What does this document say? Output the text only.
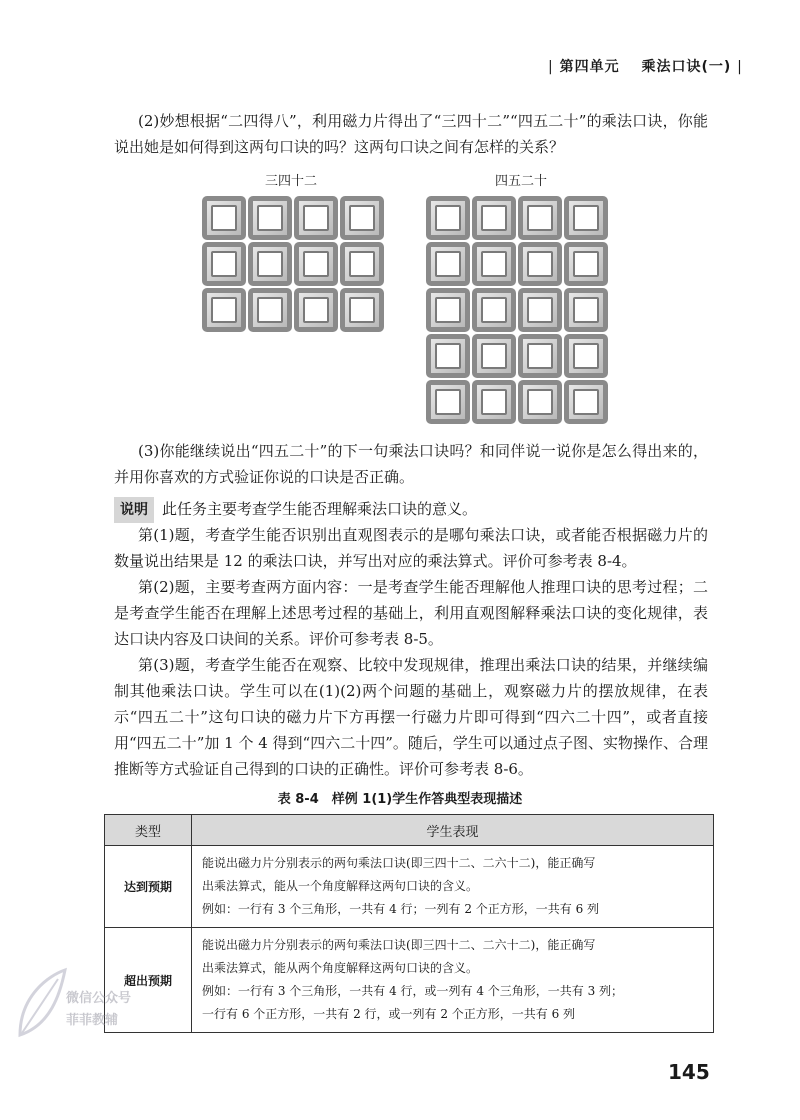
| 第四单元 乘法口诀(一) |
(2)妙想根据“二四得八”，利用磁力片得出了“三四十二”“四五二十”的乘法口诀，你能说出她是如何得到这两句口诀的吗？这两句口诀之间有怎样的关系？
三四十二	四五二十
(3)你能继续说出“四五二十”的下一句乘法口诀吗？和同伴说一说你是怎么得出来的，并用你喜欢的方式验证你说的口诀是否正确。
说明 此任务主要考查学生能否理解乘法口诀的意义。
第(1)题，考查学生能否识别出直观图表示的是哪句乘法口诀，或者能否根据磁力片的数量说出结果是 12 的乘法口诀，并写出对应的乘法算式。评价可参考表 8-4。
第(2)题，主要考查两方面内容：一是考查学生能否理解他人推理口诀的思考过程；二是考查学生能否在理解上述思考过程的基础上，利用直观图解释乘法口诀的变化规律，表达口诀内容及口诀间的关系。评价可参考表 8-5。
第(3)题，考查学生能否在观察、比较中发现规律，推理出乘法口诀的结果，并继续编制其他乘法口诀。学生可以在(1)(2)两个问题的基础上，观察磁力片的摆放规律，在表示“四五二十”这句口诀的磁力片下方再摆一行磁力片即可得到“四六二十四”，或者直接用“四五二十”加 1 个 4 得到“四六二十四”。随后，学生可以通过点子图、实物操作、合理推断等方式验证自己得到的口诀的正确性。评价可参考表 8-6。
表 8-4　样例 1(1)学生作答典型表现描述
类型	学生表现
达到预期	能说出磁力片分别表示的两句乘法口诀(即三四十二、二六十二)，能正确写
出乘法算式，能从一个角度解释这两句口诀的含义。
例如：一行有 3 个三角形，一共有 4 行；一列有 2 个正方形，一共有 6 列

超出预期	能说出磁力片分别表示的两句乘法口诀(即三四十二、二六十二)，能正确写
出乘法算式，能从两个角度解释这两句口诀的含义。
例如：一行有 3 个三角形，一共有 4 行，或一列有 4 个三角形，一共有 3 列；
一行有 6 个正方形，一共有 2 行，或一列有 2 个正方形，一共有 6 列
微信公众号
菲菲教辅
145
